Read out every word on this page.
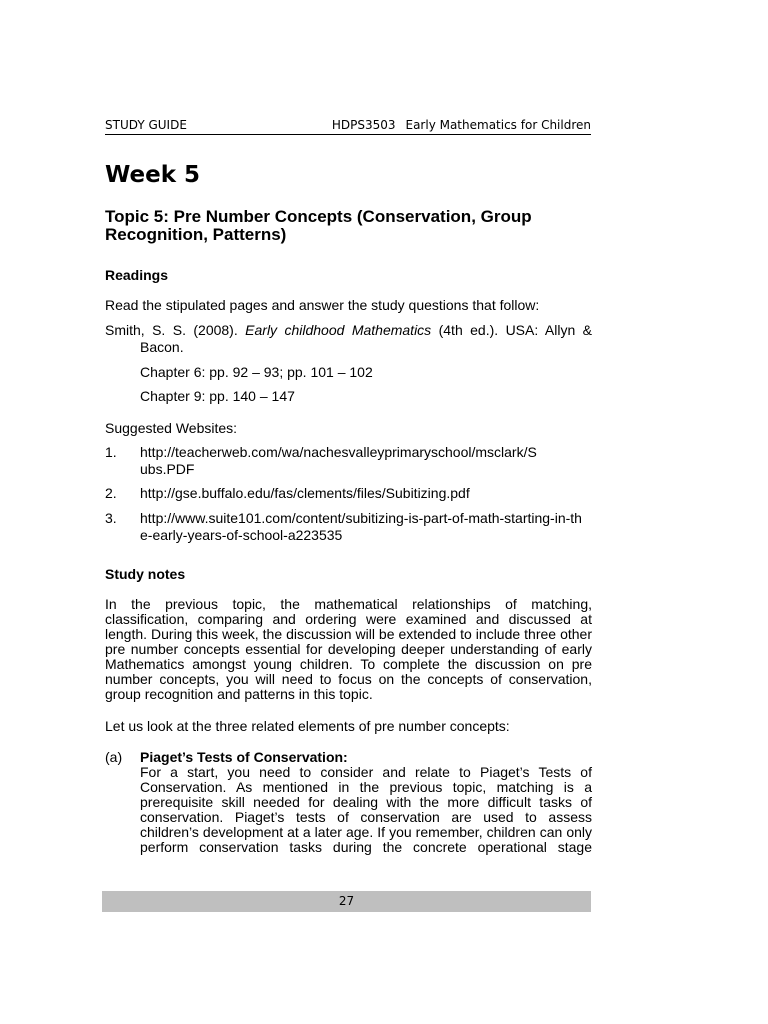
STUDY GUIDE	HDPS3503 Early Mathematics for Children
Week 5
Topic 5: Pre Number Concepts (Conservation, Group Recognition, Patterns)
Readings

Read the stipulated pages and answer the study questions that follow:

Smith, S. S. (2008). Early childhood Mathematics (4th ed.). USA: Allyn & Bacon.

Chapter 6: pp. 92 – 93; pp. 101 – 102

Chapter 9: pp. 140 – 147

Suggested Websites:

1. http://teacherweb.com/wa/nachesvalleyprimaryschool/msclark/Subs.PDF
2. http://gse.buffalo.edu/fas/clements/files/Subitizing.pdf
3. http://www.suite101.com/content/subitizing-is-part-of-math-starting-in-the-early-years-of-school-a223535
Study notes

In the previous topic, the mathematical relationships of matching, classification, comparing and ordering were examined and discussed at length. During this week, the discussion will be extended to include three other pre number concepts essential for developing deeper understanding of early Mathematics amongst young children. To complete the discussion on pre number concepts, you will need to focus on the concepts of conservation, group recognition and patterns in this topic.

Let us look at the three related elements of pre number concepts:

(a) Piaget’s Tests of Conservation:

For a start, you need to consider and relate to Piaget’s Tests of Conservation. As mentioned in the previous topic, matching is a prerequisite skill needed for dealing with the more difficult tasks of conservation. Piaget’s tests of conservation are used to assess children’s development at a later age. If you remember, children can only perform conservation tasks during the concrete operational stage

27
